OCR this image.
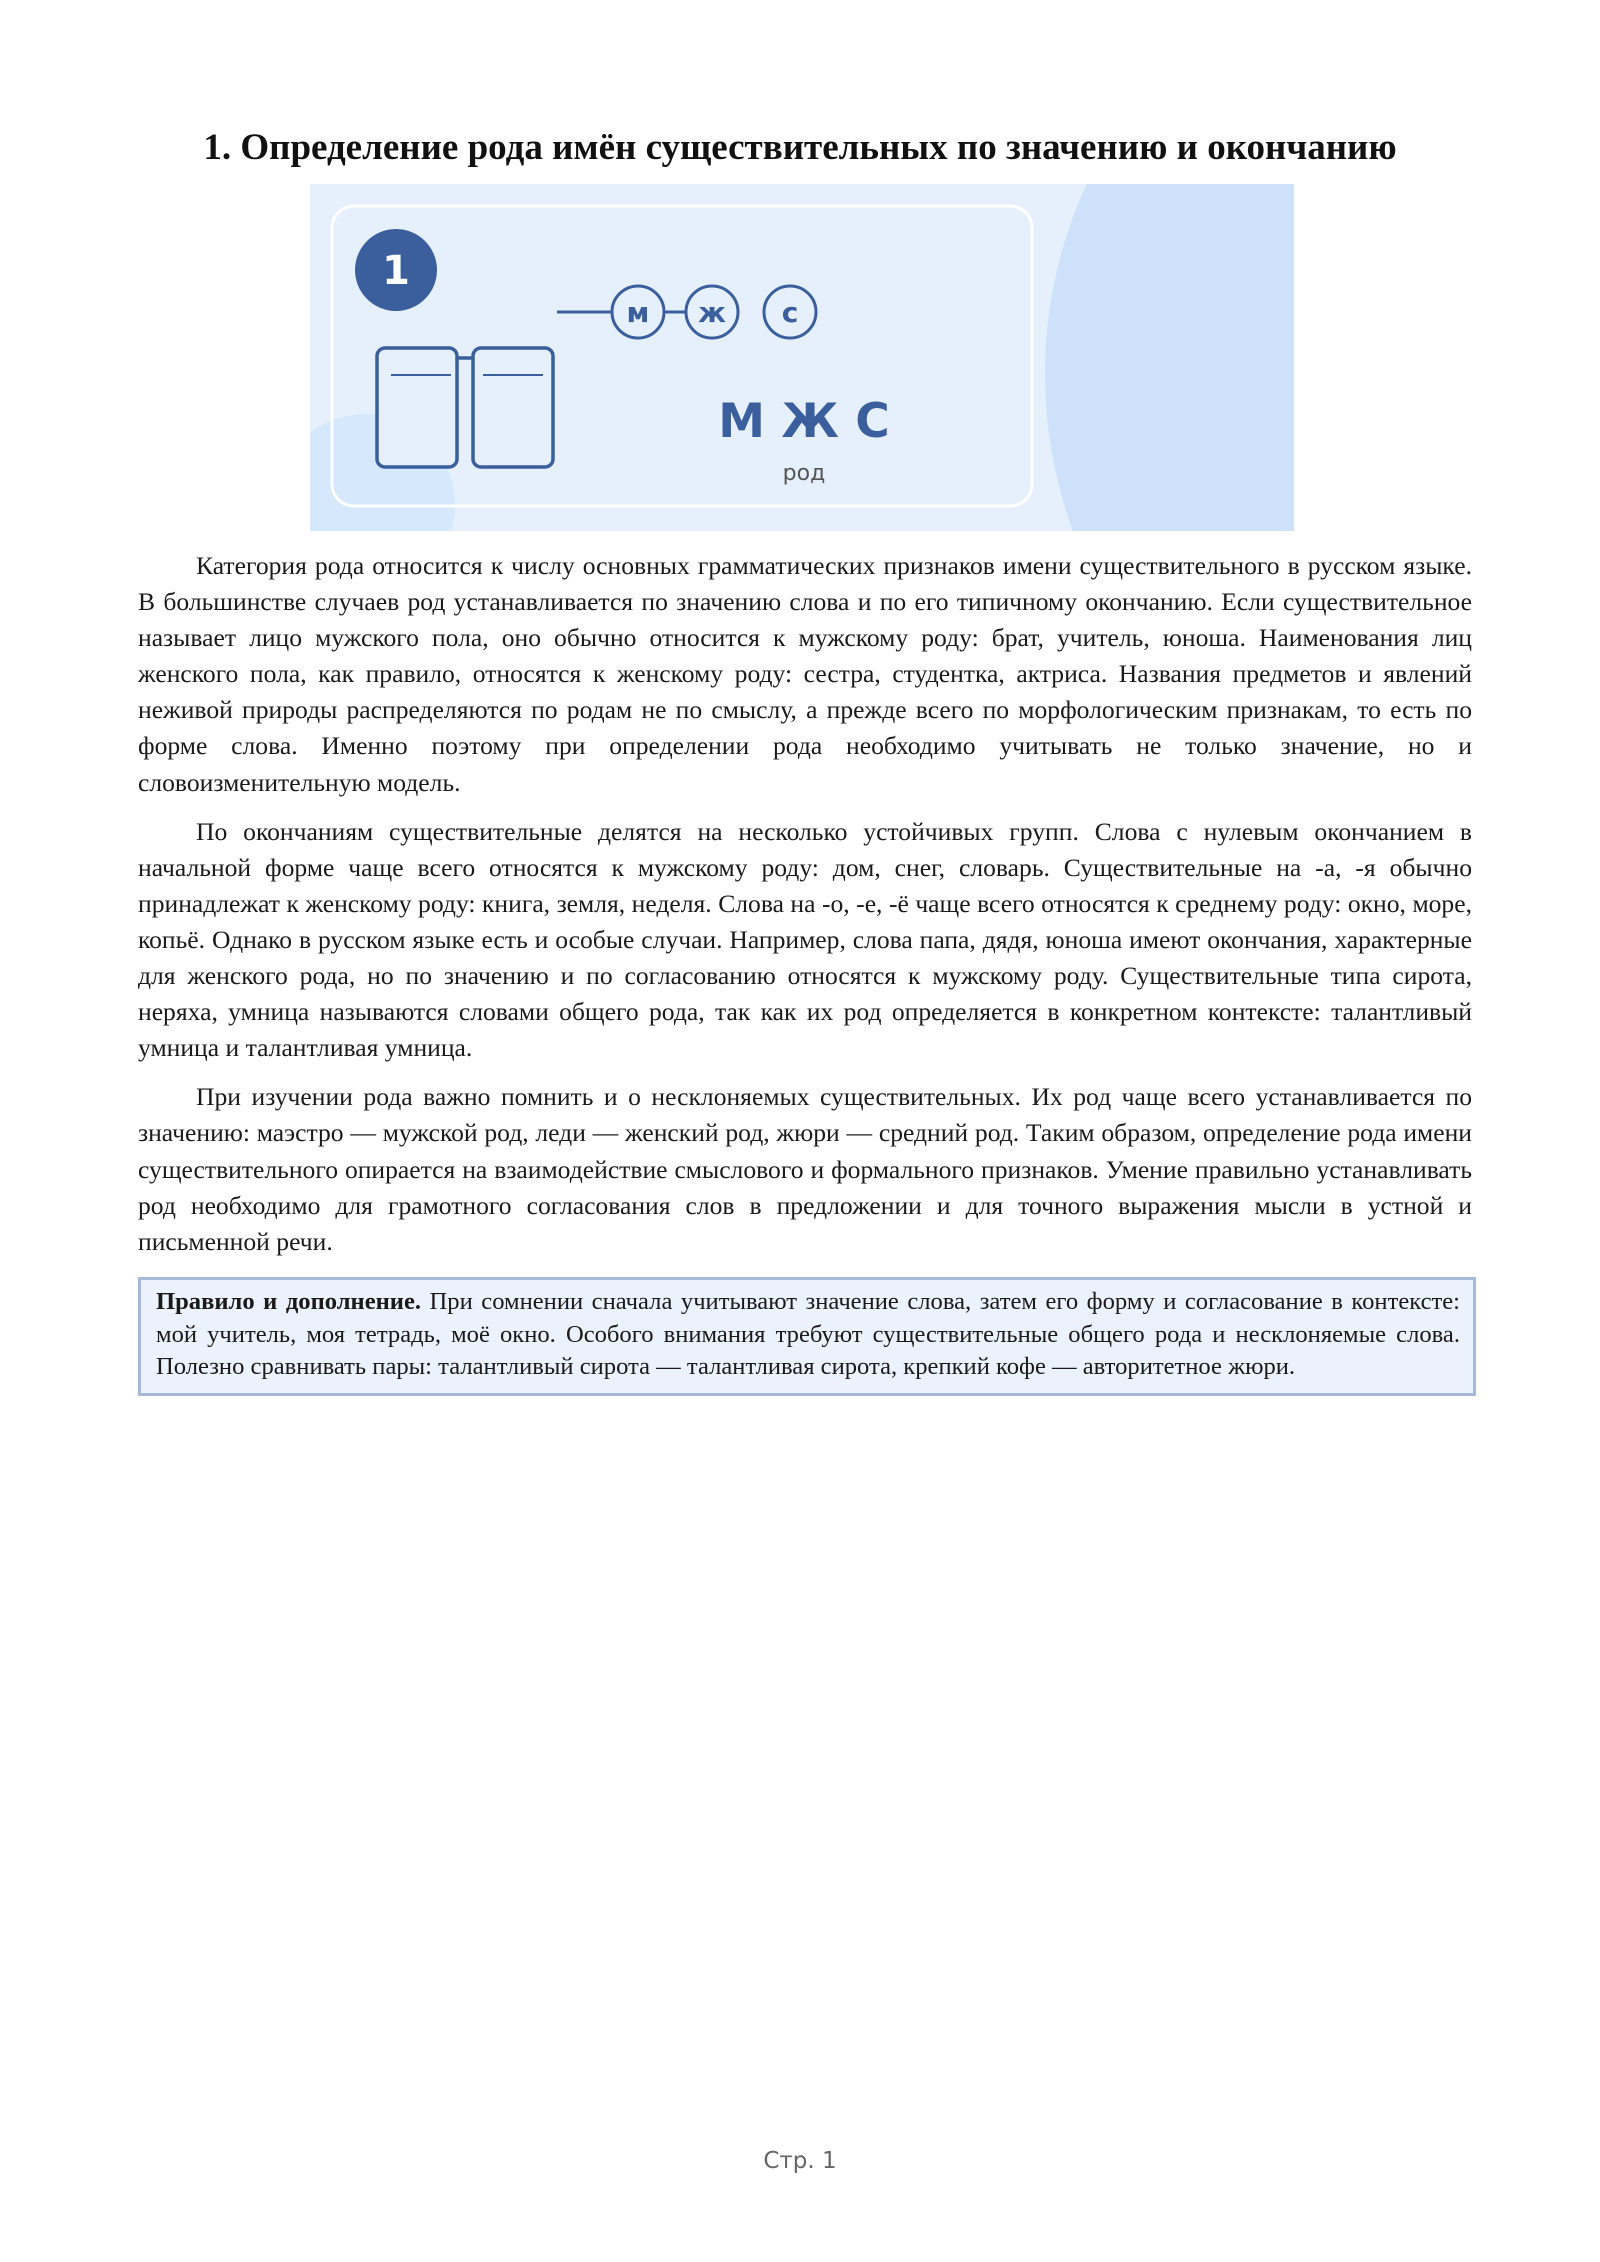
1. Определение рода имён существительных по значению и окончанию
1
м ж с
М Ж С
род

Категория рода относится к числу основных грамматических признаков имени существительного в русском языке. В большинстве случаев род устанавливается по значению слова и по его типичному окончанию. Если существительное называет лицо мужского пола, оно обычно относится к мужскому роду: брат, учитель, юноша. Наименования лиц женского пола, как правило, относятся к женскому роду: сестра, студентка, актриса. Названия предметов и явлений неживой природы распределяются по родам не по смыслу, а прежде всего по морфологическим признакам, то есть по форме слова. Именно поэтому при определении рода необходимо учитывать не только значение, но и словоизменительную модель.

По окончаниям существительные делятся на несколько устойчивых групп. Слова с нулевым окончанием в начальной форме чаще всего относятся к мужскому роду: дом, снег, словарь. Существительные на -а, -я обычно принадлежат к женскому роду: книга, земля, неделя. Слова на -о, -е, -ё чаще всего относятся к среднему роду: окно, море, копьё. Однако в русском языке есть и особые случаи. Например, слова папа, дядя, юноша имеют окончания, характерные для женского рода, но по значению и по согласованию относятся к мужскому роду. Существительные типа сирота, неряха, умница называются словами общего рода, так как их род определяется в конкретном контексте: талантливый умница и талантливая умница.

При изучении рода важно помнить и о несклоняемых существительных. Их род чаще всего устанавливается по значению: маэстро — мужской род, леди — женский род, жюри — средний род. Таким образом, определение рода имени существительного опирается на взаимодействие смыслового и формального признаков. Умение правильно устанавливать род необходимо для грамотного согласования слов в предложении и для точного выражения мысли в устной и письменной речи.

Правило и дополнение. При сомнении сначала учитывают значение слова, затем его форму и согласование в контексте: мой учитель, моя тетрадь, моё окно. Особого внимания требуют существительные общего рода и несклоняемые слова. Полезно сравнивать пары: талантливый сирота — талантливая сирота, крепкий кофе — авторитетное жюри.
Стр. 1
